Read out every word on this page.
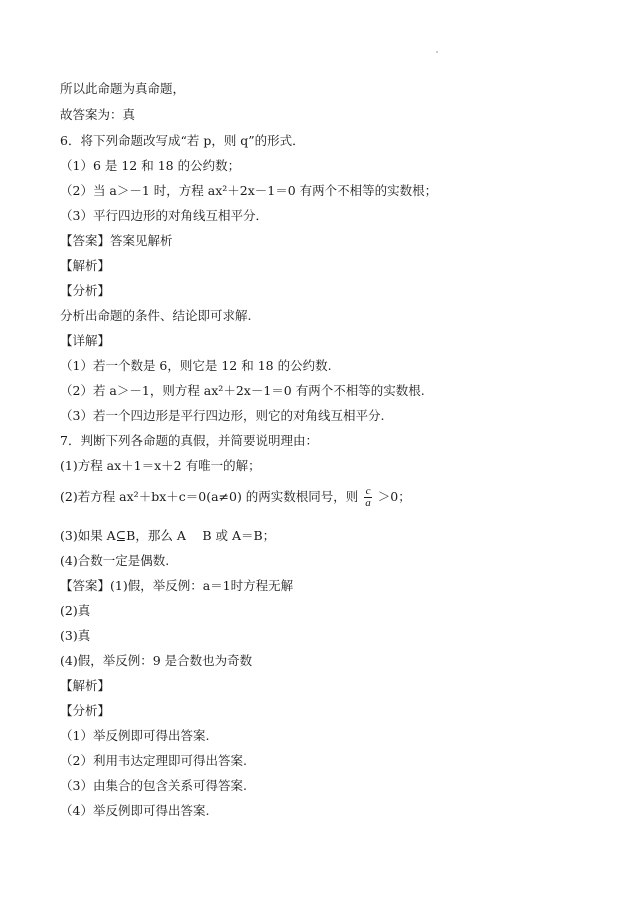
所以此命题为真命题，
故答案为：真
6．将下列命题改写成“若 p，则 q”的形式．
（1）6 是 12 和 18 的公约数；
（2）当 a＞－1 时，方程 ax²＋2x－1＝0 有两个不相等的实数根；
（3）平行四边形的对角线互相平分．
【答案】答案见解析
【解析】
【分析】
分析出命题的条件、结论即可求解.
【详解】
（1）若一个数是 6，则它是 12 和 18 的公约数.
（2）若 a＞－1，则方程 ax²＋2x－1＝0 有两个不相等的实数根.
（3）若一个四边形是平行四边形，则它的对角线互相平分.
7．判断下列各命题的真假，并简要说明理由：
(1)方程 ax＋1＝x＋2 有唯一的解；
(2)若方程 ax²＋bx＋c＝0(a≠0) 的两实数根同号，则 $\frac{c}{a} >0$；
(3)如果 A⊆B，那么 A　 B 或 A＝B；
(4)合数一定是偶数.
【答案】(1)假，举反例：a＝1时方程无解
(2)真
(3)真
(4)假，举反例：9 是合数也为奇数
【解析】
【分析】
（1）举反例即可得出答案.
（2）利用韦达定理即可得出答案.
（3）由集合的包含关系可得答案.
（4）举反例即可得出答案.
